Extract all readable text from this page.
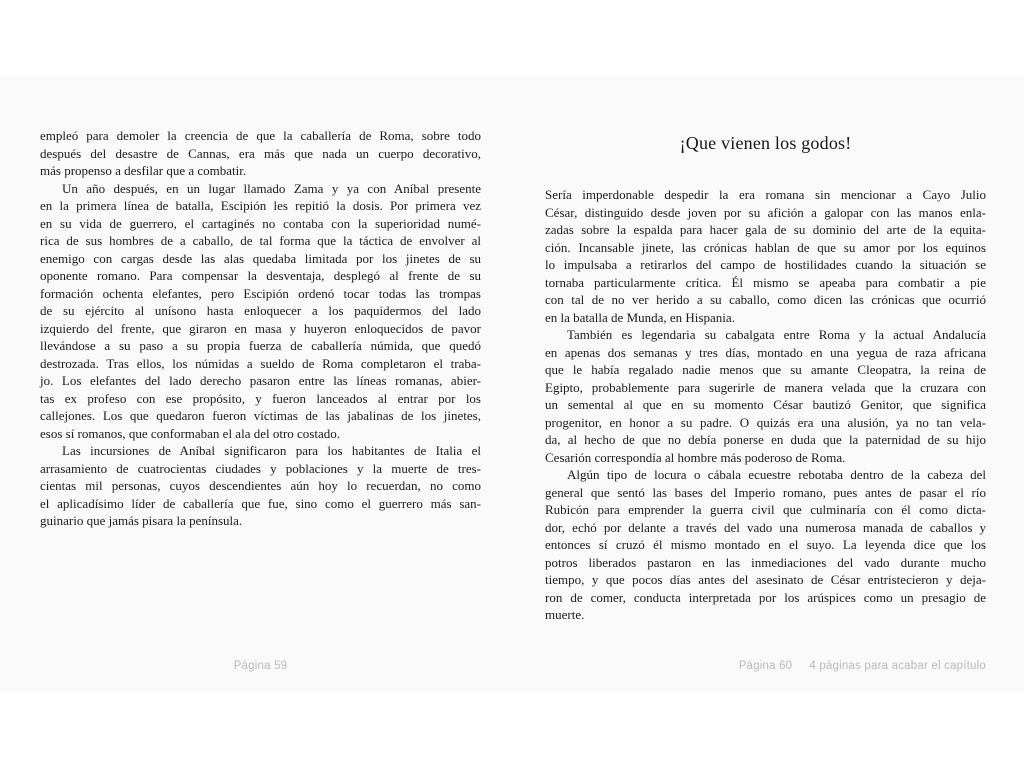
empleó para demoler la creencia de que la caballería de Roma, sobre todo
después del desastre de Cannas, era más que nada un cuerpo decorativo,
más propenso a desfilar que a combatir.
Un año después, en un lugar llamado Zama y ya con Aníbal presente
en la primera línea de batalla, Escipión les repitió la dosis. Por primera vez
en su vida de guerrero, el cartaginés no contaba con la superioridad numé-
rica de sus hombres de a caballo, de tal forma que la táctica de envolver al
enemigo con cargas desde las alas quedaba limitada por los jinetes de su
oponente romano. Para compensar la desventaja, desplegó al frente de su
formación ochenta elefantes, pero Escipión ordenó tocar todas las trompas
de su ejército al unísono hasta enloquecer a los paquidermos del lado
izquierdo del frente, que giraron en masa y huyeron enloquecidos de pavor
llevándose a su paso a su propia fuerza de caballería númida, que quedó
destrozada. Tras ellos, los númidas a sueldo de Roma completaron el traba-
jo. Los elefantes del lado derecho pasaron entre las líneas romanas, abier-
tas ex profeso con ese propósito, y fueron lanceados al entrar por los
callejones. Los que quedaron fueron víctimas de las jabalinas de los jinetes,
esos sí romanos, que conformaban el ala del otro costado.
Las incursiones de Aníbal significaron para los habitantes de Italia el
arrasamiento de cuatrocientas ciudades y poblaciones y la muerte de tres-
cientas mil personas, cuyos descendientes aún hoy lo recuerdan, no como
el aplicadísimo líder de caballería que fue, sino como el guerrero más san-
guinario que jamás pisara la península.
Página 59
¡Que vienen los godos!
Sería imperdonable despedir la era romana sin mencionar a Cayo Julio
César, distinguido desde joven por su afición a galopar con las manos enla-
zadas sobre la espalda para hacer gala de su dominio del arte de la equita-
ción. Incansable jinete, las crónicas hablan de que su amor por los equinos
lo impulsaba a retirarlos del campo de hostilidades cuando la situación se
tornaba particularmente crítica. Él mismo se apeaba para combatir a pie
con tal de no ver herido a su caballo, como dicen las crónicas que ocurrió
en la batalla de Munda, en Hispania.
También es legendaria su cabalgata entre Roma y la actual Andalucía
en apenas dos semanas y tres días, montado en una yegua de raza africana
que le había regalado nadie menos que su amante Cleopatra, la reina de
Egipto, probablemente para sugerirle de manera velada que la cruzara con
un semental al que en su momento César bautizó Genitor, que significa
progenitor, en honor a su padre. O quizás era una alusión, ya no tan vela-
da, al hecho de que no debía ponerse en duda que la paternidad de su hijo
Cesarión correspondía al hombre más poderoso de Roma.
Algún tipo de locura o cábala ecuestre rebotaba dentro de la cabeza del
general que sentó las bases del Imperio romano, pues antes de pasar el río
Rubicón para emprender la guerra civil que culminaría con él como dicta-
dor, echó por delante a través del vado una numerosa manada de caballos y
entonces sí cruzó él mismo montado en el suyo. La leyenda dice que los
potros liberados pastaron en las inmediaciones del vado durante mucho
tiempo, y que pocos días antes del asesinato de César entristecieron y deja-
ron de comer, conducta interpretada por los arúspices como un presagio de
muerte.
Página 60	4 páginas para acabar el capítulo
